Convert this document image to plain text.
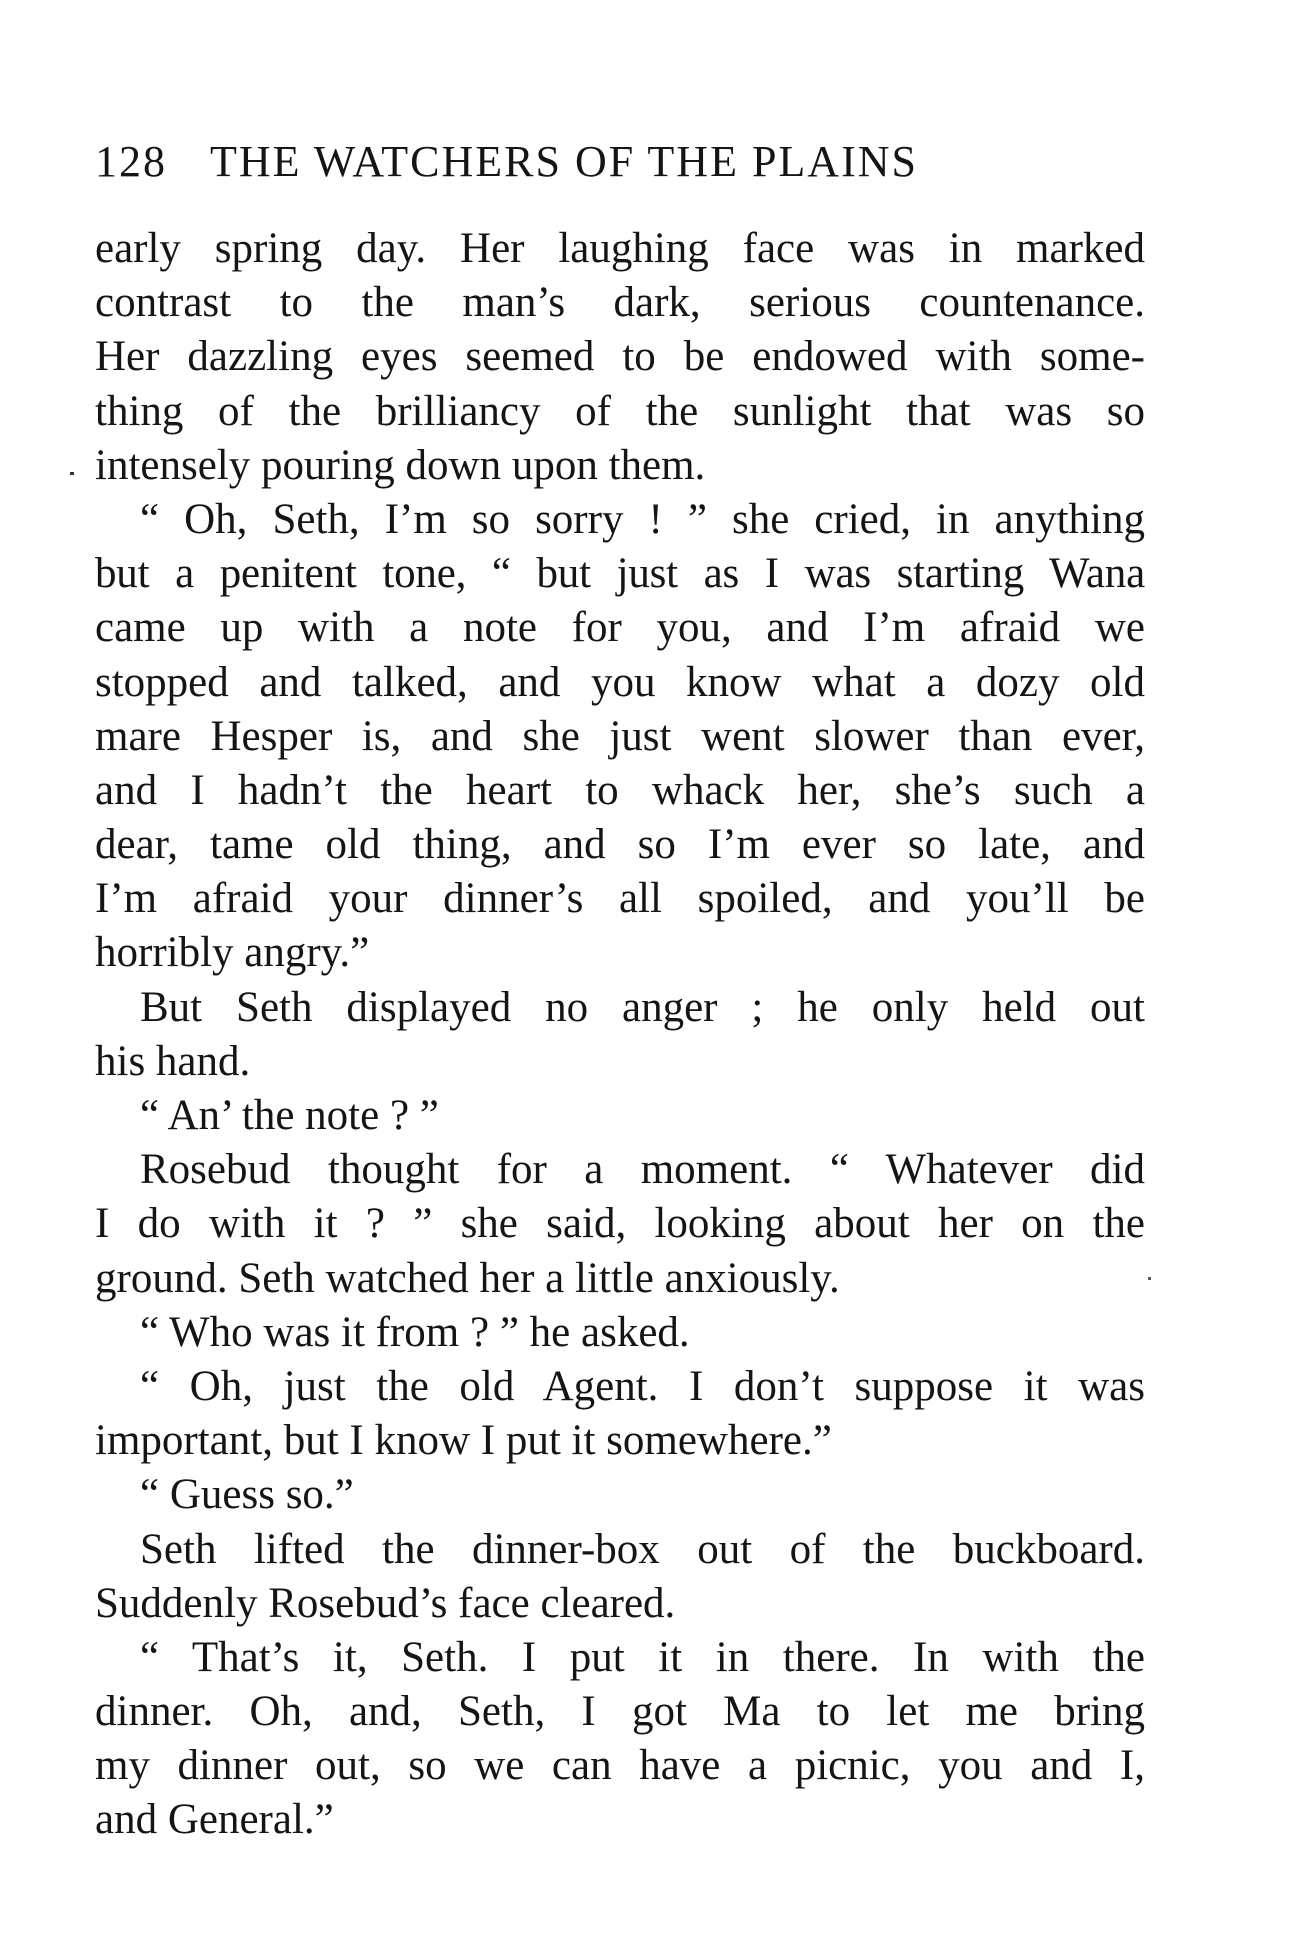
128 THE WATCHERS OF THE PLAINS
early spring day. Her laughing face was in marked
contrast to the man’s dark, serious countenance.
Her dazzling eyes seemed to be endowed with some-
thing of the brilliancy of the sunlight that was so
intensely pouring down upon them.
“ Oh, Seth, I’m so sorry ! ” she cried, in anything
but a penitent tone, “ but just as I was starting Wana
came up with a note for you, and I’m afraid we
stopped and talked, and you know what a dozy old
mare Hesper is, and she just went slower than ever,
and I hadn’t the heart to whack her, she’s such a
dear, tame old thing, and so I’m ever so late, and
I’m afraid your dinner’s all spoiled, and you’ll be
horribly angry.”
But Seth displayed no anger ; he only held out
his hand.
“ An’ the note ? ”
Rosebud thought for a moment. “ Whatever did
I do with it ? ” she said, looking about her on the
ground. Seth watched her a little anxiously.
“ Who was it from ? ” he asked.
“ Oh, just the old Agent. I don’t suppose it was
important, but I know I put it somewhere.”
“ Guess so.”
Seth lifted the dinner-box out of the buckboard.
Suddenly Rosebud’s face cleared.
“ That’s it, Seth. I put it in there. In with the
dinner. Oh, and, Seth, I got Ma to let me bring
my dinner out, so we can have a picnic, you and I,
and General.”
